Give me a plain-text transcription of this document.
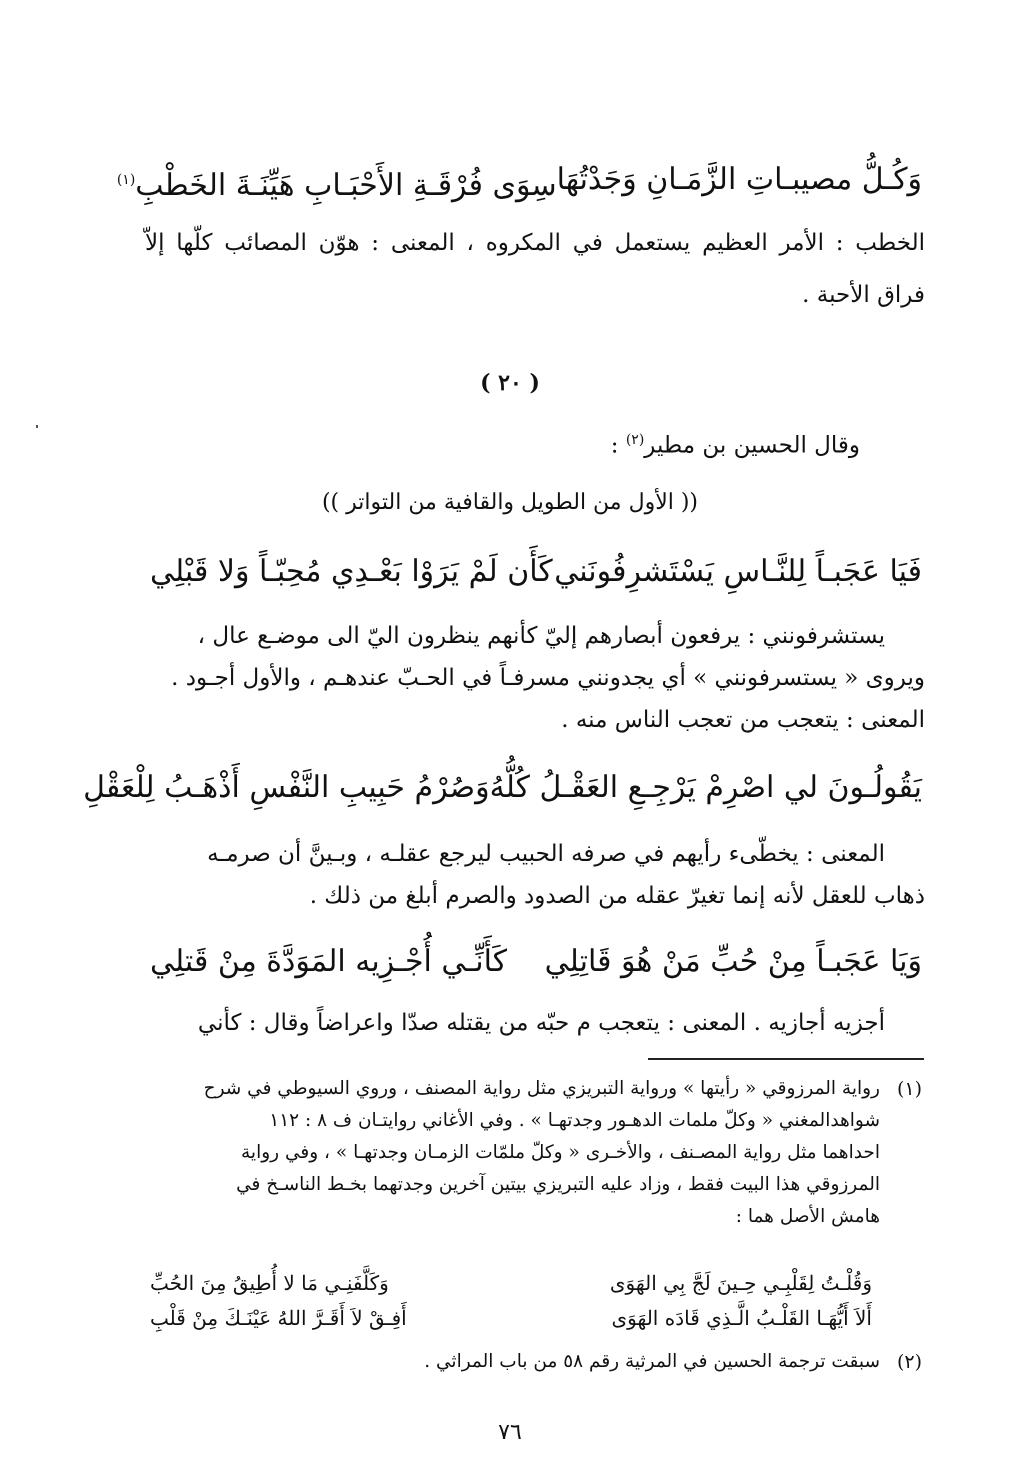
وَكُـلُّ مصيبـاتِ الزَّمَـانِ وَجَدْتُهَا
سِوَى فُرْقَـةِ الأَحْبَـابِ هَيِّنَـةَ الخَطْبِ$^{(١)}$
الخطب : الأمر العظيم يستعمل في المكروه ، المعنى : هوّن المصائب كلّها إلاّ
فراق الأحبة .
( ٢٠ )
وقال الحسين بن مطير$^{(٢)}$ :
(( الأول من الطويل والقافية من التواتر ))
فَيَا عَجَبـاً لِلنَّـاسِ يَسْتَشرِفُونَني
كَأَن لَمْ يَرَوْا بَعْـدِي مُحِبّـاً وَلا قَبْلِي
يستشرفونني : يرفعون أبصارهم إليّ كأنهم ينظرون اليّ الى موضـع عال ،
ويروى « يستسرفونني » أي يجدونني مسرفـاً في الحـبّ عندهـم ، والأول أجـود .
المعنى : يتعجب من تعجب الناس منه .
يَقُولُـونَ لي اصْرِمْ يَرْجِـعِ العَقْـلُ كُلُّهُ
وَصُرْمُ حَبِيبِ النَّفْسِ أَذْهَـبُ لِلْعَقْلِ
المعنى : يخطّىء رأيهم في صرفه الحبيب ليرجع عقلـه ، وبـينَّ أن صرمـه
ذهاب للعقل لأنه إنما تغيرّ عقله من الصدود والصرم أبلغ من ذلك .
وَيَا عَجَبـاً مِنْ حُبِّ مَنْ هُوَ قَاتِلِي
كَأَنِّـي أُجْـزِيه المَوَدَّةَ مِنْ قَتلِي
أجزيه أجازيه . المعنى : يتعجب م حبّه من يقتله صدّا واعراضاً وقال : كأني
(١)
رواية المرزوقي « رأيتها » ورواية التبريزي مثل رواية المصنف ، وروي السيوطي في شرح
شواهدالمغني « وكلّ ملمات الدهـور وجدتهـا » . وفي الأغاني روايتـان ف ٨ : ١١٢
احداهما مثل رواية المصـنف ، والأخـرى « وكلّ ملمّات الزمـان وجدتهـا » ، وفي رواية
المرزوقي هذا البيت فقط ، وزاد عليه التبريزي بيتين آخرين وجدتهما بخـط الناسـخ في
هامش الأصل هما :
وَقُلْـتُ لِقَلْبِـي حِـينَ لَجَّ بِي الهَوَى
وَكَلَّفَنِـي مَا لا أُطِيقُ مِنَ الحُبِّ
أَلاَ أَيُّهَـا القَلْـبُ الَّـذِي قَادَه الهَوَى
أَفِـقْ لاَ أَقَـرَّ اللهُ عَيْنَـكَ مِنْ قَلْبِ
(٢)
سبقت ترجمة الحسين في المرثية رقم ٥٨ من باب المراثي .
٧٦
